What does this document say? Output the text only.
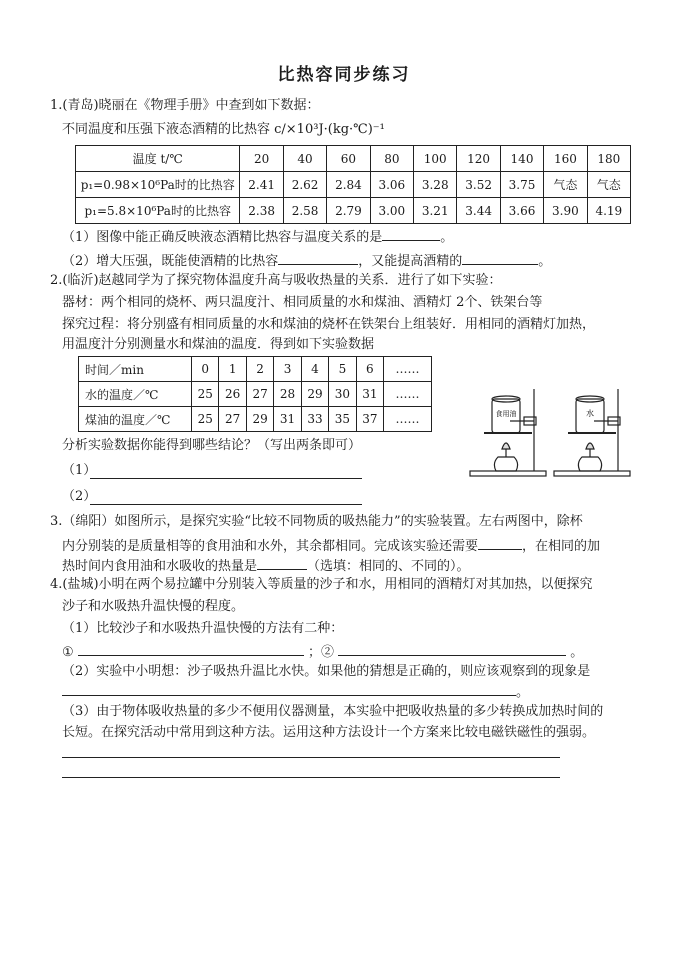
比热容同步练习
1.(青岛)晓丽在《物理手册》中查到如下数据：
不同温度和压强下液态酒精的比热容 c/×10³J·(kg·℃)⁻¹
温度 t/℃	20	40	60	80	100	120	140	160	180
p₁=0.98×10⁶Pa时的比热容	2.41	2.62	2.84	3.06	3.28	3.52	3.75	气态	气态
p₁=5.8×10⁶Pa时的比热容	2.38	2.58	2.79	3.00	3.21	3.44	3.66	3.90	4.19
（1）图像中能正确反映液态酒精比热容与温度关系的是	。
（2）增大压强，既能使酒精的比热容	，又能提高酒精的	。
2.(临沂)赵越同学为了探究物体温度升高与吸收热量的关系．进行了如下实验：
器材：两个相同的烧杯、两只温度汁、相同质量的水和煤油、酒精灯 2个、铁架台等
探究过程：将分别盛有相同质量的水和煤油的烧杯在铁架台上组装好．用相同的酒精灯加热，
用温度汁分别测量水和煤油的温度．得到如下实验数据
时间／min	0	1	2	3	4	5	6	……
水的温度／℃	25	26	27	28	29	30	31	……
煤油的温度／℃	25	27	29	31	33	35	37	……	食用油	水
分析实验数据你能得到哪些结论？（写出两条即可）
（1）
（2）
3.（绵阳）如图所示，是探究实验“比较不同物质的吸热能力”的实验装置。左右两图中，除杯
内分别装的是质量相等的食用油和水外，其余都相同。完成该实验还需要	，在相同的加
热时间内食用油和水吸收的热量是	（选填：相同的、不同的）。
4.(盐城)小明在两个易拉罐中分别装入等质量的沙子和水，用相同的酒精灯对其加热，以便探究
沙子和水吸热升温快慢的程度。
（1）比较沙子和水吸热升温快慢的方法有二种：
①	；②	。
（2）实验中小明想：沙子吸热升温比水快。如果他的猜想是正确的，则应该观察到的现象是
。
（3）由于物体吸收热量的多少不便用仪器测量，本实验中把吸收热量的多少转换成加热时间的
长短。在探究活动中常用到这种方法。运用这种方法设计一个方案来比较电磁铁磁性的强弱。
